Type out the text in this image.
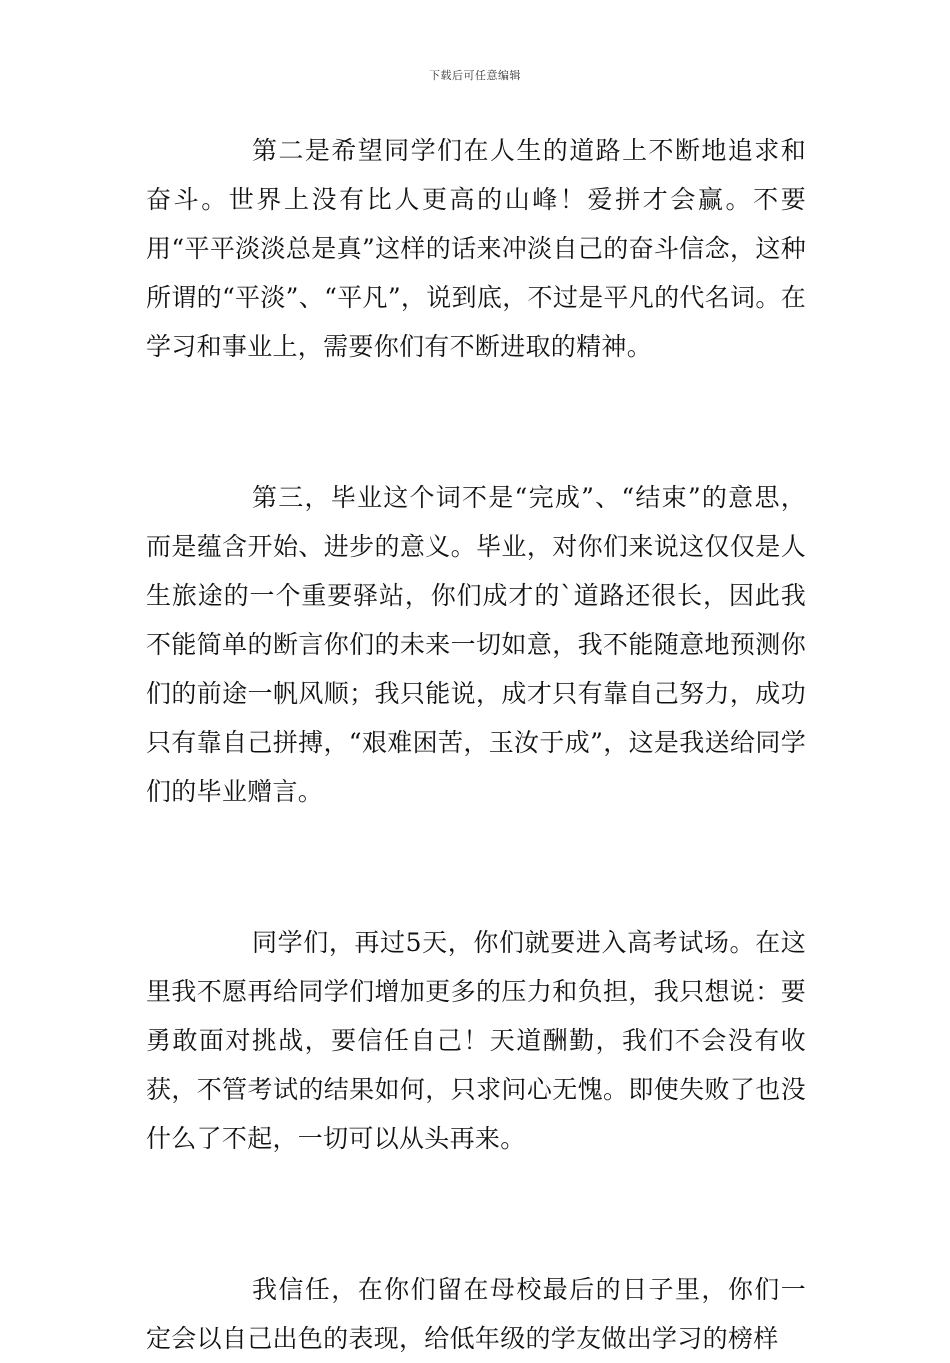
下载后可任意编辑

第二是希望同学们在人生的道路上不断地追求和奋斗。世界上没有比人更高的山峰！爱拼才会赢。不要用“平平淡淡总是真”这样的话来冲淡自己的奋斗信念，这种所谓的“平淡”、“平凡”，说到底，不过是平凡的代名词。在学习和事业上，需要你们有不断进取的精神。

第三，毕业这个词不是“完成”、“结束”的意思，而是蕴含开始、进步的意义。毕业，对你们来说这仅仅是人生旅途的一个重要驿站，你们成才的`道路还很长，因此我不能简单的断言你们的未来一切如意，我不能随意地预测你们的前途一帆风顺；我只能说，成才只有靠自己努力，成功只有靠自己拼搏，“艰难困苦，玉汝于成”，这是我送给同学们的毕业赠言。

同学们，再过5天，你们就要进入高考试场。在这里我不愿再给同学们增加更多的压力和负担，我只想说：要勇敢面对挑战，要信任自己！天道酬勤，我们不会没有收获，不管考试的结果如何，只求问心无愧。即使失败了也没什么了不起，一切可以从头再来。

我信任，在你们留在母校最后的日子里，你们一定会以自己出色的表现，给低年级的学友做出学习的榜样
